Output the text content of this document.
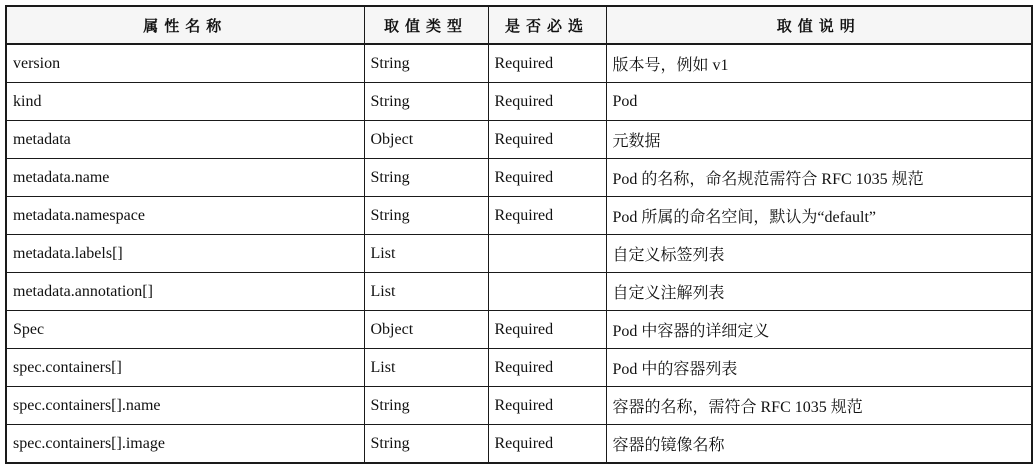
属性名称	取值类型	是否必选	取值说明
version	String	Required	版本号，例如 v1
kind	String	Required	Pod
metadata	Object	Required	元数据
metadata.name	String	Required	Pod 的名称，命名规范需符合 RFC 1035 规范
metadata.namespace	String	Required	Pod 所属的命名空间，默认为“default”
metadata.labels[]	List		自定义标签列表
metadata.annotation[]	List		自定义注解列表
Spec	Object	Required	Pod 中容器的详细定义
spec.containers[]	List	Required	Pod 中的容器列表
spec.containers[].name	String	Required	容器的名称，需符合 RFC 1035 规范
spec.containers[].image	String	Required	容器的镜像名称
